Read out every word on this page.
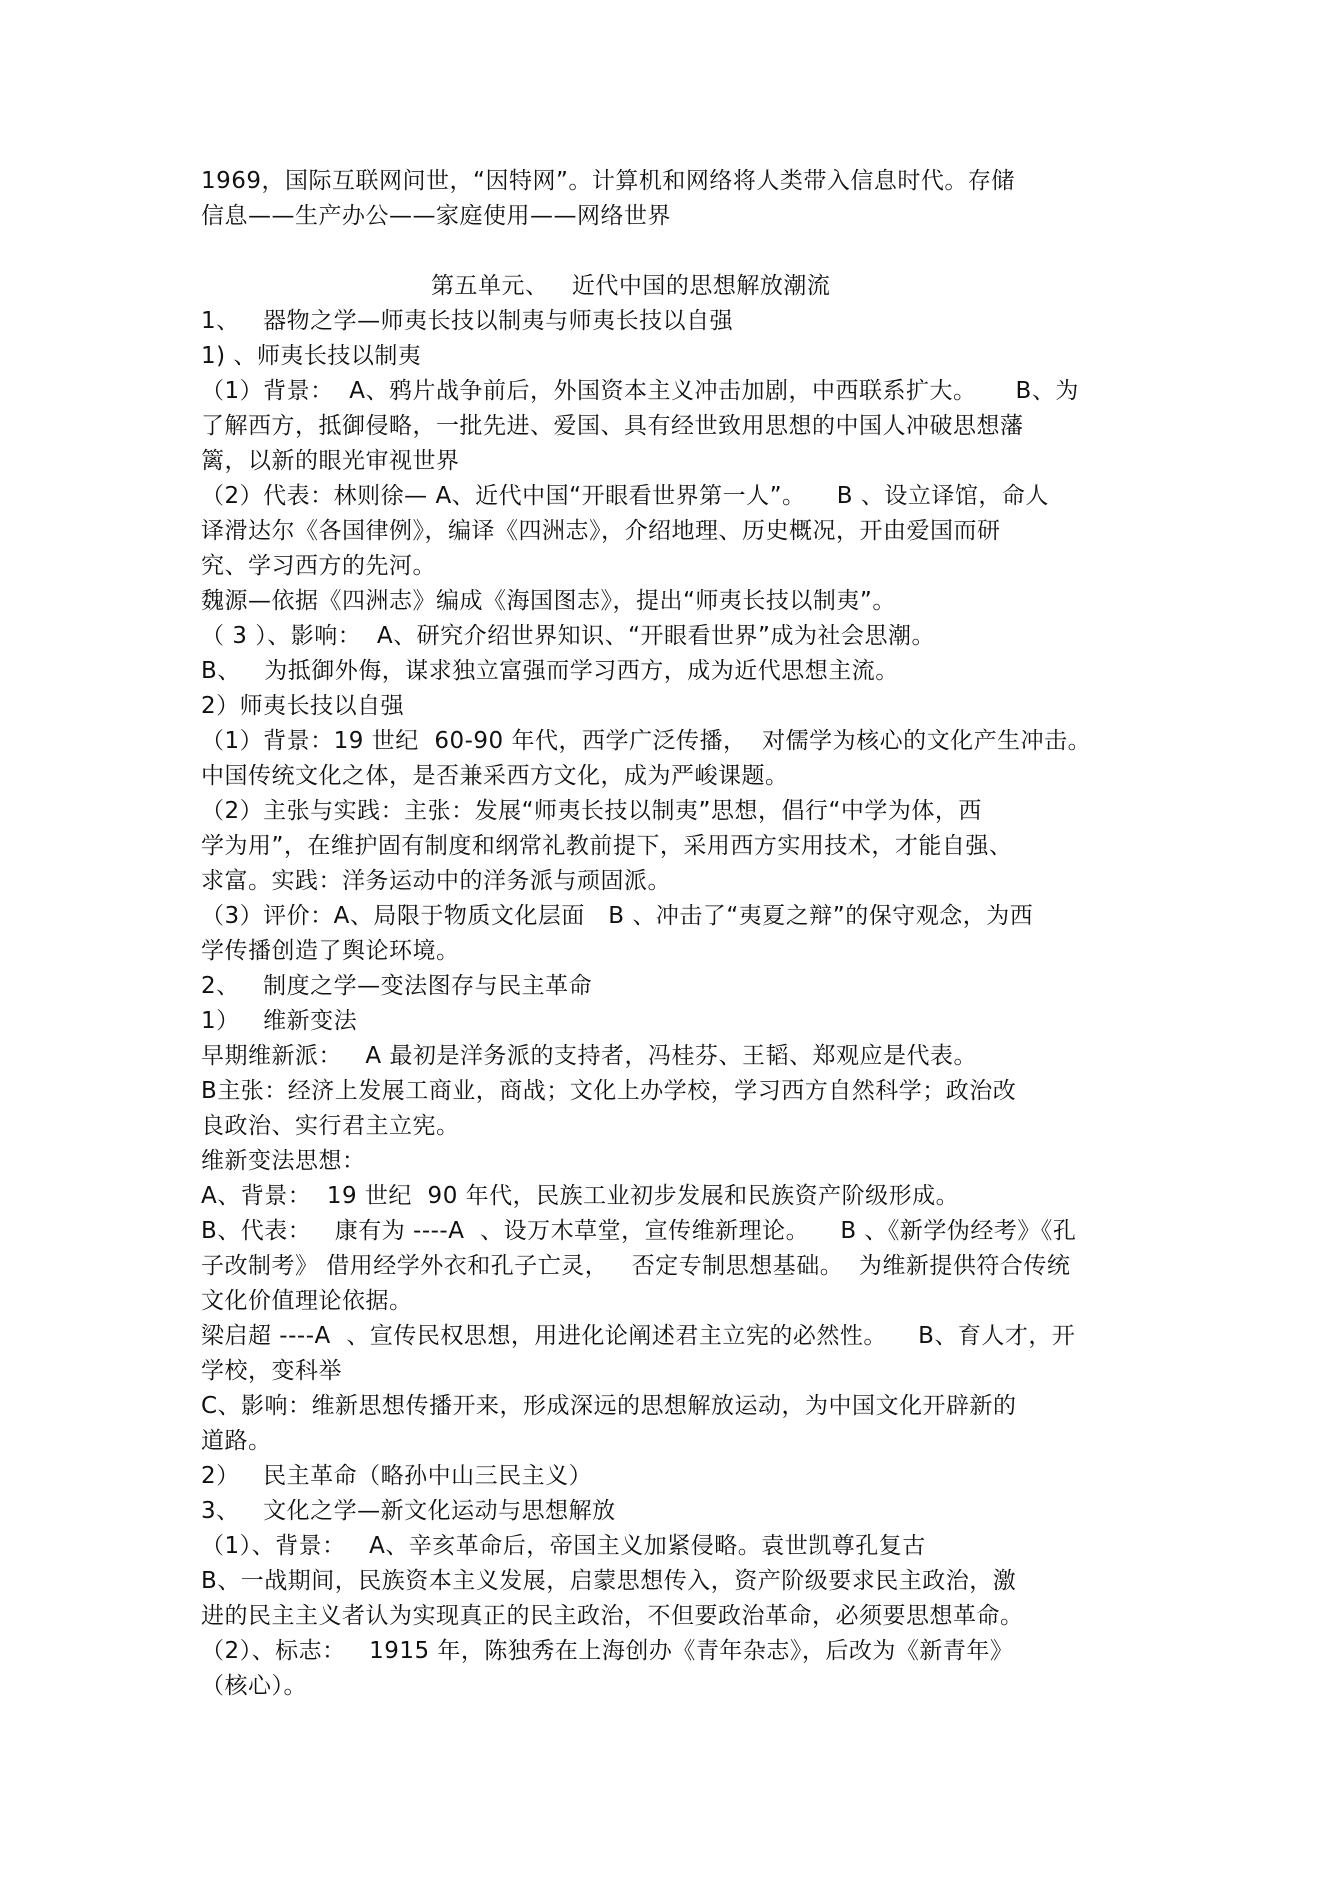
1969，国际互联网问世，“因特网”。计算机和网络将人类带入信息时代。存储
信息——生产办公——家庭使用——网络世界
第五单元、   近代中国的思想解放潮流
1、   器物之学—师夷长技以制夷与师夷长技以自强
1) 、师夷长技以制夷
（1）背景：  A、鸦片战争前后，外国资本主义冲击加剧，中西联系扩大。     B、为
了解西方，抵御侵略，一批先进、爱国、具有经世致用思想的中国人冲破思想藩
篱，以新的眼光审视世界
（2）代表：林则徐— A、近代中国“开眼看世界第一人”。    B 、设立译馆，命人
译滑达尔《各国律例》，编译《四洲志》，介绍地理、历史概况，开由爱国而研
究、学习西方的先河。
魏源—依据《四洲志》编成《海国图志》，提出“师夷长技以制夷”。
（ 3 ）、影响：  A、研究介绍世界知识、“开眼看世界”成为社会思潮。
B、   为抵御外侮，谋求独立富强而学习西方，成为近代思想主流。
2）师夷长技以自强
（1）背景：19 世纪  60-90 年代，西学广泛传播，  对儒学为核心的文化产生冲击。
中国传统文化之体，是否兼采西方文化，成为严峻课题。
（2）主张与实践：主张：发展“师夷长技以制夷”思想，倡行“中学为体，西
学为用”，在维护固有制度和纲常礼教前提下，采用西方实用技术，才能自强、
求富。实践：洋务运动中的洋务派与顽固派。
（3）评价：A、局限于物质文化层面   B 、冲击了“夷夏之辩”的保守观念，为西
学传播创造了舆论环境。
2、   制度之学—变法图存与民主革命
1）   维新变法
早期维新派：   A 最初是洋务派的支持者，冯桂芬、王韬、郑观应是代表。
B主张：经济上发展工商业，商战；文化上办学校，学习西方自然科学；政治改
良政治、实行君主立宪。
维新变法思想：
A、背景：  19 世纪  90 年代，民族工业初步发展和民族资产阶级形成。
B、代表：   康有为 ----A  、设万木草堂，宣传维新理论。    B 、《新学伪经考》《孔
子改制考》 借用经学外衣和孔子亡灵，   否定专制思想基础。  为维新提供符合传统
文化价值理论依据。
梁启超 ----A  、宣传民权思想，用进化论阐述君主立宪的必然性。    B、育人才，开
学校，变科举
C、影响：维新思想传播开来，形成深远的思想解放运动，为中国文化开辟新的
道路。
2）   民主革命（略孙中山三民主义）
3、   文化之学—新文化运动与思想解放
（1）、背景：   A、辛亥革命后，帝国主义加紧侵略。袁世凯尊孔复古
B、一战期间，民族资本主义发展，启蒙思想传入，资产阶级要求民主政治，激
进的民主主义者认为实现真正的民主政治，不但要政治革命，必须要思想革命。
（2）、标志：   1915 年，陈独秀在上海创办《青年杂志》，后改为《新青年》
（核心）。
